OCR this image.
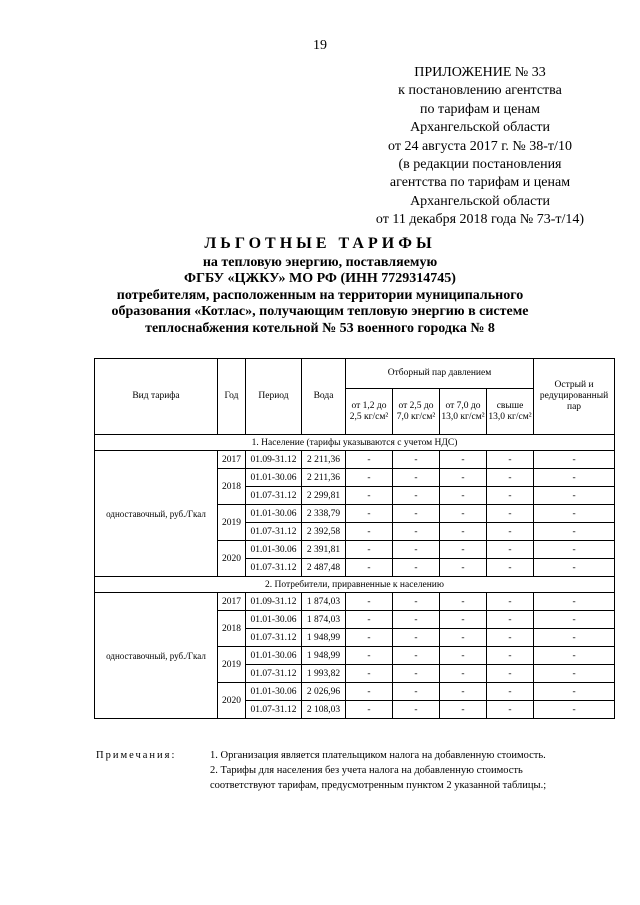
19
ПРИЛОЖЕНИЕ № 33
к постановлению агентства
по тарифам и ценам
Архангельской области
от 24 августа 2017 г. № 38-т/10
(в редакции постановления
агентства по тарифам и ценам
Архангельской области
от 11 декабря 2018 года № 73-т/14)
ЛЬГОТНЫЕ ТАРИФЫ
на тепловую энергию, поставляемую
ФГБУ «ЦЖКУ» МО РФ (ИНН 7729314745)
потребителям, расположенным на территории муниципального
образования «Котлас», получающим тепловую энергию в системе
теплоснабжения котельной № 53 военного городка № 8
Вид тарифа	Год	Период	Вода	Отборный пар давлением				Острый и редуцированный пар
				от 1,2 до 2,5 кг/см²	от 2,5 до 7,0 кг/см²	от 7,0 до 13,0 кг/см²	свыше 13,0 кг/см²	
1. Население (тарифы указываются с учетом НДС)								
одноставочный, руб./Гкал	2017	01.09-31.12	2 211,36	-	-	-	-	-
	2018	01.01-30.06	2 211,36	-	-	-	-	-
		01.07-31.12	2 299,81	-	-	-	-	-
	2019	01.01-30.06	2 338,79	-	-	-	-	-
		01.07-31.12	2 392,58	-	-	-	-	-
	2020	01.01-30.06	2 391,81	-	-	-	-	-
		01.07-31.12	2 487,48	-	-	-	-	-
2. Потребители, приравненные к населению								
одноставочный, руб./Гкал	2017	01.09-31.12	1 874,03	-	-	-	-	-
	2018	01.01-30.06	1 874,03	-	-	-	-	-
		01.07-31.12	1 948,99	-	-	-	-	-
	2019	01.01-30.06	1 948,99	-	-	-	-	-
		01.07-31.12	1 993,82	-	-	-	-	-
	2020	01.01-30.06	2 026,96	-	-	-	-	-
		01.07-31.12	2 108,03	-	-	-	-	-
Примечания:	1. Организация является плательщиком налога на добавленную стоимость.
2. Тарифы для населения без учета налога на добавленную стоимость
соответствуют тарифам, предусмотренным пунктом 2 указанной таблицы.;
